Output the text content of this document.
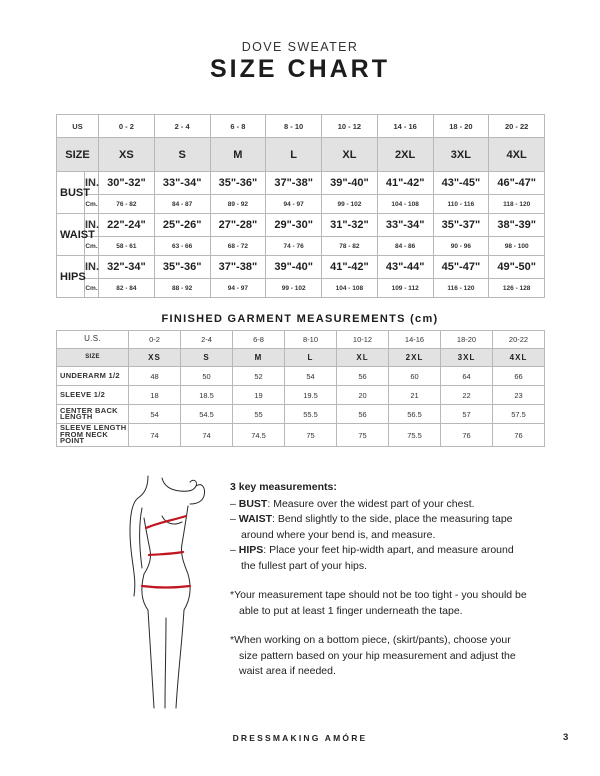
DOVE SWEATER
SIZE CHART
US		0 - 2	2 - 4	6 - 8	8 - 10	10 - 12	14 - 16	18 - 20	20 - 22
SIZE		XS	S	M	L	XL	2XL	3XL	4XL
BUST	IN.	30"-32"	33"-34"	35"-36"	37"-38"	39"-40"	41"-42"	43"-45"	46"-47"
	Cm.	76 - 82	84 - 87	89 - 92	94 - 97	99 - 102	104 - 108	110 - 116	118 - 120
WAIST	IN.	22"-24"	25"-26"	27"-28"	29"-30"	31"-32"	33"-34"	35"-37"	38"-39"
	Cm.	58 - 61	63 - 66	68 - 72	74 - 76	78 - 82	84 - 86	90 - 96	98 - 100
HIPS	IN.	32"-34"	35"-36"	37"-38"	39"-40"	41"-42"	43"-44"	45"-47"	49"-50"
	Cm.	82 - 84	88 - 92	94 - 97	99 - 102	104 - 108	109 - 112	116 - 120	126 - 128
FINISHED GARMENT MEASUREMENTS (cm)
U.S.	0-2	2-4	6-8	8-10	10-12	14-16	18-20	20-22
SIZE	XS	S	M	L	XL	2XL	3XL	4XL
UNDERARM 1/2	48	50	52	54	56	60	64	66
SLEEVE 1/2	18	18.5	19	19.5	20	21	22	23
CENTER BACK LENGTH	54	54.5	55	55.5	56	56.5	57	57.5
SLEEVE LENGTH FROM NECK POINT	74	74	74.5	75	75	75.5	76	76

3 key measurements:

– BUST: Measure over the widest part of your chest.

– WAIST: Bend slightly to the side, place the measuring tape around where your bend is, and measure.

– HIPS: Place your feet hip-width apart, and measure around the fullest part of your hips.

*Your measurement tape should not be too tight - you should be able to put at least 1 finger underneath the tape.

*When working on a bottom piece, (skirt/pants), choose your size pattern based on your hip measurement and adjust the waist area if needed.

DRESSMAKING AMÓRE	3
